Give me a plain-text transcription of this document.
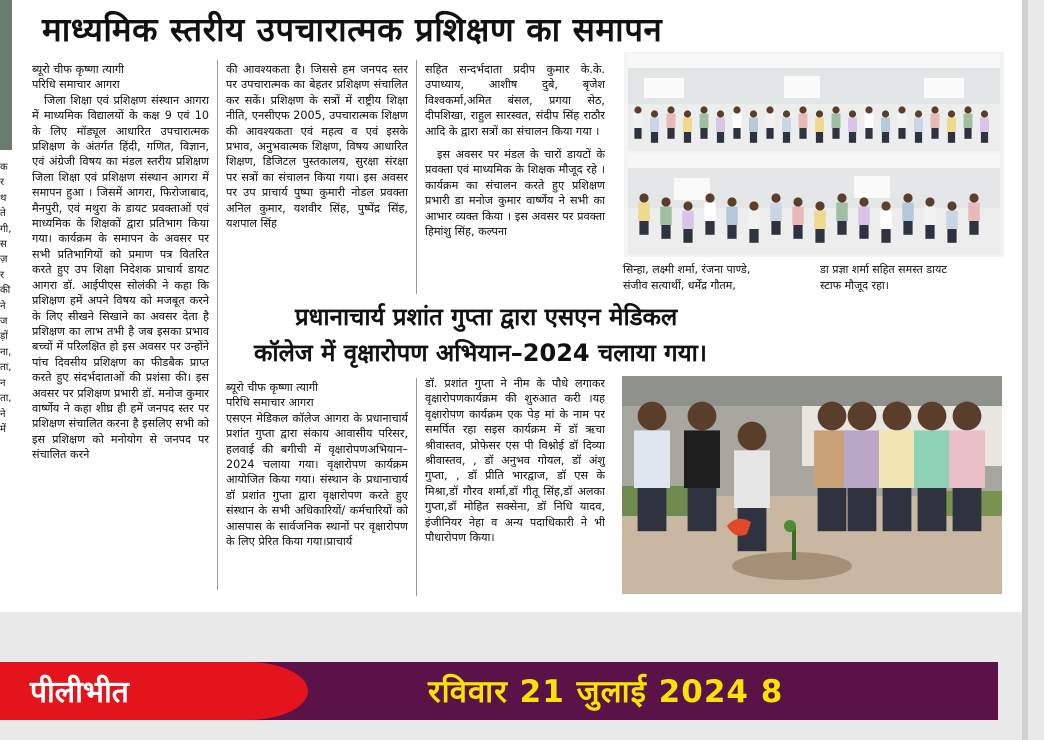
क
र
थ
ते
गी,
स
ज़
र
की
ने
ज
ड़ों
ना,
ता,
न
ता,
ने
में
माध्यमिक स्तरीय उपचारात्मक प्रशिक्षण का समापन

ब्यूरो चीफ कृष्णा त्यागी

परिधि समाचार आगरा

जिला शिक्षा एवं प्रशिक्षण संस्थान आगरा में माध्यमिक विद्यालयों के कक्ष 9 एवं 10 के लिए मॉड्यूल आधारित उपचारात्मक प्रशिक्षण के अंतर्गत हिंदी, गणित, विज्ञान, एवं अंग्रेजी विषय का मंडल स्तरीय प्रशिक्षण जिला शिक्षा एवं प्रशिक्षण संस्थान आगरा में समापन हुआ । जिसमें आगरा, फिरोजाबाद, मैनपुरी, एवं मथुरा के डायट प्रवक्ताओं एवं माध्यमिक के शिक्षकों द्वारा प्रतिभाग किया गया। कार्यक्रम के समापन के अवसर पर सभी प्रतिभागियों को प्रमाण पत्र वितरित करते हुए उप शिक्षा निदेशक प्राचार्य डायट आगरा डॉ. आईपीएस सोलंकी ने कहा कि प्रशिक्षण हमें अपने विषय को मजबूत करने के लिए सीखने सिखाने का अवसर देता है प्रशिक्षण का लाभ तभी है जब इसका प्रभाव बच्चों में परिलक्षित हो इस अवसर पर उन्होंने पांच दिवसीय प्रशिक्षण का फीडबैक प्राप्त करते हुए संदर्भदाताओं की प्रशंसा की। इस अवसर पर प्रशिक्षण प्रभारी डॉ. मनोज कुमार वार्ष्णेय ने कहा शीघ्र ही हमें जनपद स्तर पर प्रशिक्षण संचालित करना है इसलिए सभी को इस प्रशिक्षण को मनोयोग से जनपद पर संचालित करने

की आवश्यकता है। जिससे हम जनपद स्तर पर उपचारात्मक का बेहतर प्रशिक्षण संचालित कर सकें। प्रशिक्षण के सत्रों में राष्ट्रीय शिक्षा नीति, एनसीएफ 2005, उपचारात्मक शिक्षण की आवश्यकता एवं महत्व व एवं इसके प्रभाव, अनुभवात्मक शिक्षण, विषय आधारित शिक्षण, डिजिटल पुस्तकालय, सुरक्षा संरक्षा पर सत्रों का संचालन किया गया। इस अवसर पर उप प्राचार्य पुष्पा कुमारी नोडल प्रवक्ता अनिल कुमार, यशवीर सिंह, पुष्पेंद्र सिंह, यशपाल सिंह

सहित सन्दर्भदाता प्रदीप कुमार के.के. उपाध्याय, आशीष दुबे, बृजेश विश्वकर्मा,अमित बंसल, प्रगया सेठ, दीपशिखा, राहुल सारस्वत, संदीप सिंह राठौर आदि के द्वारा सत्रों का संचालन किया गया ।

इस अवसर पर मंडल के चारों डायटों के प्रवक्ता एवं माध्यमिक के शिक्षक मौजूद रहे । कार्यक्रम का संचालन करते हुए प्रशिक्षण प्रभारी डा मनोज कुमार वार्ष्णेय ने सभी का आभार व्यक्त किया । इस अवसर पर प्रवक्ता हिमांशु सिंह, कल्पना

सिन्हा, लक्ष्मी शर्मा, रंजना पाण्डे,
संजीव सत्यार्थी, धर्मेंद्र गौतम,
डा प्रज्ञा शर्मा सहित समस्त डायट
स्टाफ मौजूद रहा।
प्रधानाचार्य प्रशांत गुप्ता द्वारा एसएन मेडिकल
कॉलेज में वृक्षारोपण अभियान–2024 चलाया गया।

ब्यूरो चीफ कृष्णा त्यागी

परिधि समाचार आगरा

एसएन मेडिकल कॉलेज आगरा के प्रधानाचार्य प्रशांत गुप्ता द्वारा संकाय आवासीय परिसर, हलवाई की बगीची में वृक्षारोपणअभियान–2024 चलाया गया। वृक्षारोपण कार्यक्रम आयोजित किया गया। संस्थान के प्रधानाचार्य डॉ प्रशांत गुप्ता द्वारा वृक्षारोपण करते हुए संस्थान के सभी अधिकारियों/ कर्मचारियों को आसपास के सार्वजनिक स्थानों पर वृक्षारोपण के लिए प्रेरित किया गया।प्राचार्य

डॉ. प्रशांत गुप्ता ने नीम के पौधे लगाकर वृक्षारोपणकार्यक्रम की शुरुआत करी ।यह वृक्षारोपण कार्यक्रम एक पेड़ मां के नाम पर समर्पित रहा सइस कार्यक्रम में डॉ ऋचा श्रीवास्तव, प्रोफेसर एस पी विश्नोई डॉ दिव्या श्रीवास्तव, , डॉ अनुभव गोयल, डॉ अंशु गुप्ता, , डॉ प्रीति भारद्वाज, डॉ एस के मिश्रा,डॉ गौरव शर्मा,डॉ गीतू सिंह,डॉ अलका गुप्ता,डॉ मोहित सक्सेना, डॉ निधि यादव, इंजीनियर नेहा व अन्य पदाधिकारी ने भी पौधारोपण किया।

पीलीभीत	रविवार 21 जुलाई 2024 8
